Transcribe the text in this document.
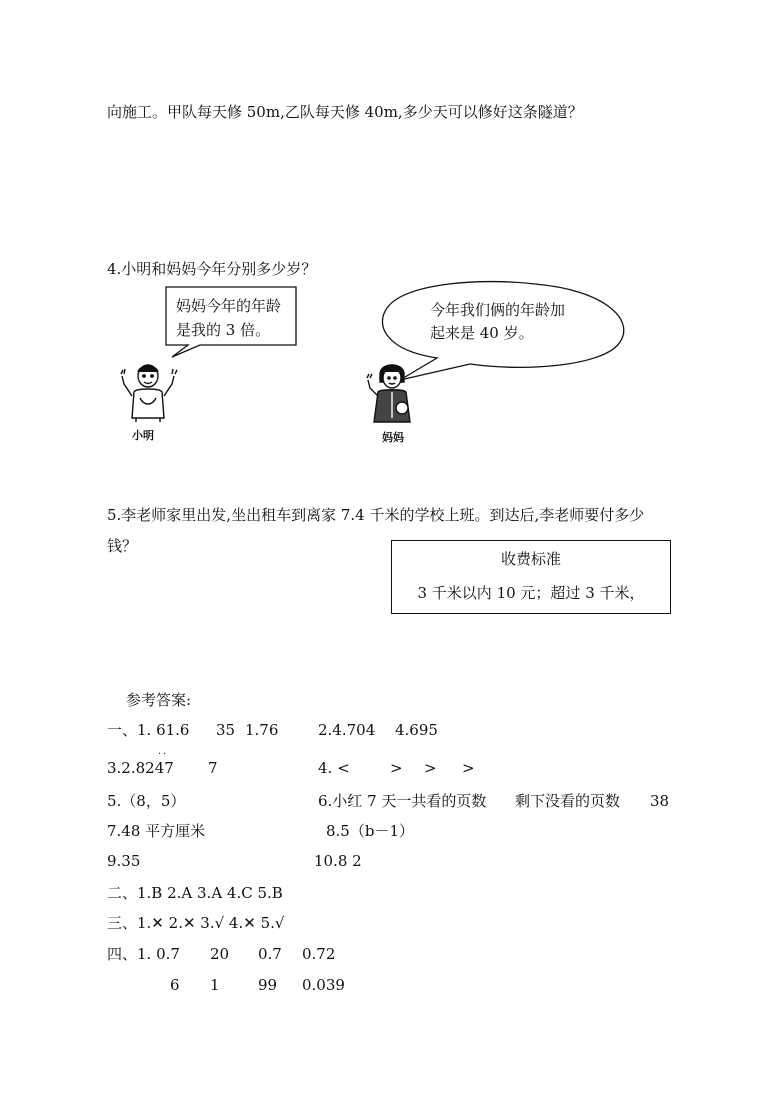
向施工。甲队每天修 50m,乙队每天修 40m,多少天可以修好这条隧道？
4.小明和妈妈今年分别多少岁？
妈妈今年的年龄
是我的 3 倍。
今年我们俩的年龄加
起来是 40 岁。
小明	妈妈
5.李老师家里出发,坐出租车到离家 7.4 千米的学校上班。到达后,李老师要付多少
钱？
收费标准
3 千米以内 10 元；超过 3 千米，
参考答案:
一、1. 61.6 35 1.76	2.4.704 4.695
··
3.2.8247 7	4. <	> > >
5.（8，5）	6.小红 7 天一共看的页数 剩下没看的页数 38
7.48 平方厘米	8.5（b－1）
9.35	10.8 2
二、1.B 2.A 3.A 4.C 5.B
三、1.✕ 2.✕ 3.√ 4.✕ 5.√
四、1. 0.7 20 0.7 0.72
6 1	99 0.039
